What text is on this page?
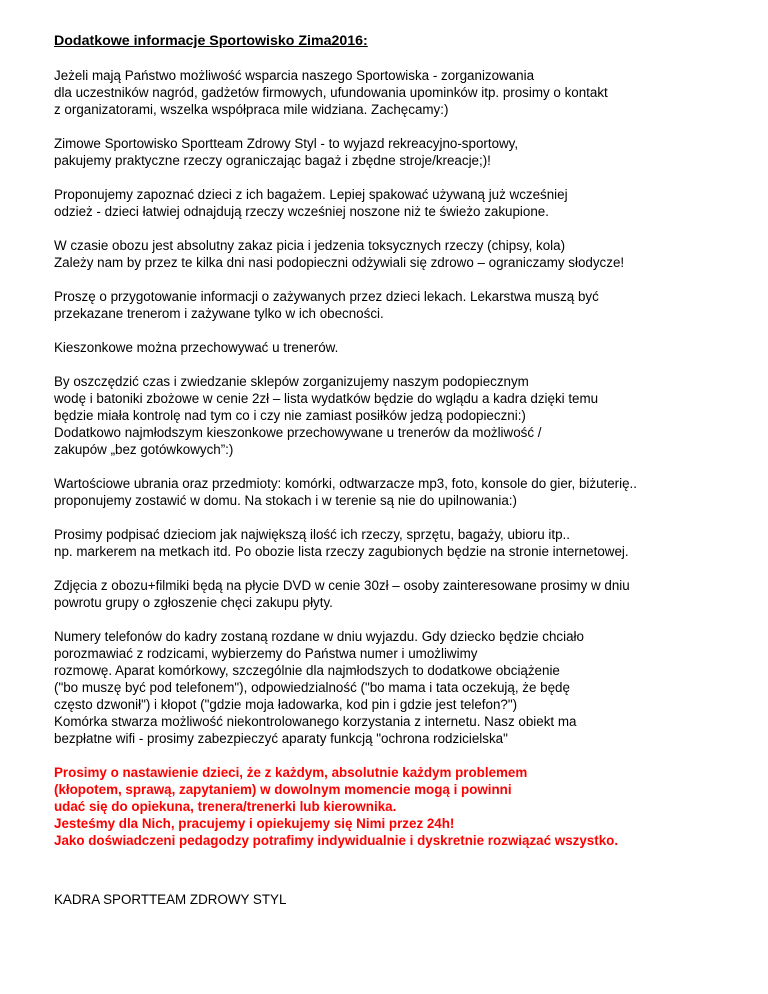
Dodatkowe informacje Sportowisko Zima2016:
Jeżeli mają Państwo możliwość wsparcia naszego Sportowiska - zorganizowania
dla uczestników nagród, gadżetów firmowych, ufundowania upominków itp. prosimy o kontakt
z organizatorami, wszelka współpraca mile widziana. Zachęcamy:)
Zimowe Sportowisko Sportteam Zdrowy Styl - to wyjazd rekreacyjno-sportowy,
pakujemy praktyczne rzeczy ograniczając bagaż i zbędne stroje/kreacje;)!
Proponujemy zapoznać dzieci z ich bagażem. Lepiej spakować używaną już wcześniej
odzież - dzieci łatwiej odnajdują rzeczy wcześniej noszone niż te świeżo zakupione.
W czasie obozu jest absolutny zakaz picia i jedzenia toksycznych rzeczy (chipsy, kola)
Zależy nam by przez te kilka dni nasi podopieczni odżywiali się zdrowo – ograniczamy słodycze!
Proszę o przygotowanie informacji o zażywanych przez dzieci lekach. Lekarstwa muszą być
przekazane trenerom i zażywane tylko w ich obecności.
Kieszonkowe można przechowywać u trenerów.
By oszczędzić czas i zwiedzanie sklepów zorganizujemy naszym podopiecznym
wodę i batoniki zbożowe w cenie 2zł – lista wydatków będzie do wglądu a kadra dzięki temu
będzie miała kontrolę nad tym co i czy nie zamiast posiłków jedzą podopieczni:)
Dodatkowo najmłodszym kieszonkowe przechowywane u trenerów da możliwość /
zakupów „bez gotówkowych”:)
Wartościowe ubrania oraz przedmioty: komórki, odtwarzacze mp3, foto, konsole do gier, biżuterię..
proponujemy zostawić w domu. Na stokach i w terenie są nie do upilnowania:)
Prosimy podpisać dzieciom jak największą ilość ich rzeczy, sprzętu, bagaży, ubioru itp..
np. markerem na metkach itd. Po obozie lista rzeczy zagubionych będzie na stronie internetowej.
Zdjęcia z obozu+filmiki będą na płycie DVD w cenie 30zł – osoby zainteresowane prosimy w dniu
powrotu grupy o zgłoszenie chęci zakupu płyty.
Numery telefonów do kadry zostaną rozdane w dniu wyjazdu. Gdy dziecko będzie chciało
porozmawiać z rodzicami, wybierzemy do Państwa numer i umożliwimy
rozmowę. Aparat komórkowy, szczególnie dla najmłodszych to dodatkowe obciążenie
("bo muszę być pod telefonem"), odpowiedzialność ("bo mama i tata oczekują, że będę
często dzwonił") i kłopot ("gdzie moja ładowarka, kod pin i gdzie jest telefon?")
Komórka stwarza możliwość niekontrolowanego korzystania z internetu. Nasz obiekt ma
bezpłatne wifi - prosimy zabezpieczyć aparaty funkcją "ochrona rodzicielska"
Prosimy o nastawienie dzieci, że z każdym, absolutnie każdym problemem
(kłopotem, sprawą, zapytaniem) w dowolnym momencie mogą i powinni
udać się do opiekuna, trenera/trenerki lub kierownika.
Jesteśmy dla Nich, pracujemy i opiekujemy się Nimi przez 24h!
Jako doświadczeni pedagodzy potrafimy indywidualnie i dyskretnie rozwiązać wszystko.
KADRA SPORTTEAM ZDROWY STYL
